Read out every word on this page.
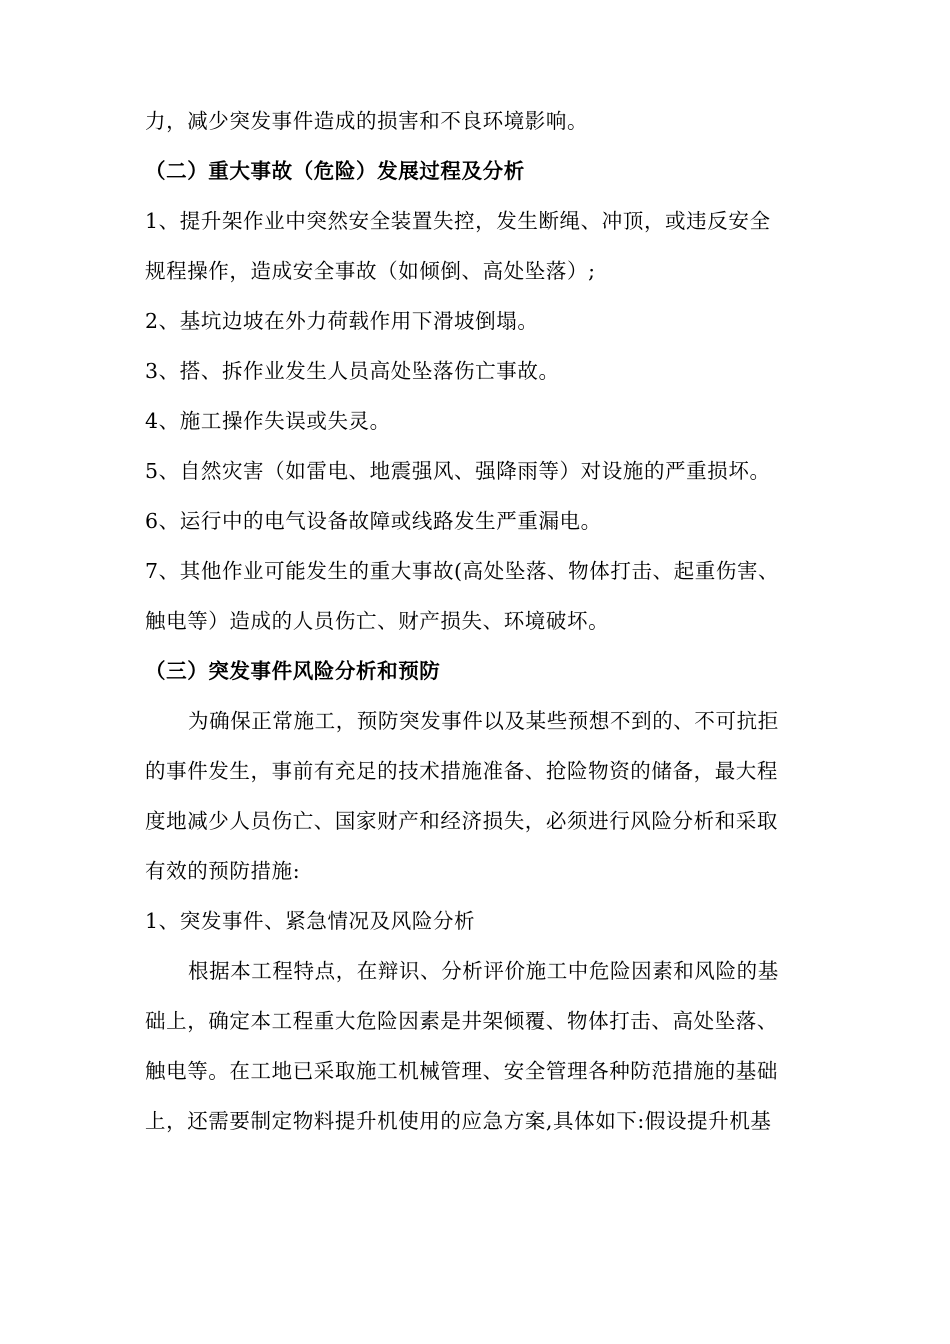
力，减少突发事件造成的损害和不良环境影响。
（二）重大事故（危险）发展过程及分析
1、提升架作业中突然安全装置失控，发生断绳、冲顶，或违反安全
规程操作，造成安全事故（如倾倒、高处坠落）;
2、基坑边坡在外力荷载作用下滑坡倒塌。
3、搭、拆作业发生人员高处坠落伤亡事故。
4、施工操作失误或失灵。
5、自然灾害（如雷电、地震强风、强降雨等）对设施的严重损坏。
6、运行中的电气设备故障或线路发生严重漏电。
7、其他作业可能发生的重大事故(高处坠落、物体打击、起重伤害、
触电等）造成的人员伤亡、财产损失、环境破坏。
（三）突发事件风险分析和预防
为确保正常施工，预防突发事件以及某些预想不到的、不可抗拒
的事件发生，事前有充足的技术措施准备、抢险物资的储备，最大程
度地减少人员伤亡、国家财产和经济损失，必须进行风险分析和采取
有效的预防措施:
1、突发事件、紧急情况及风险分析
根据本工程特点，在辩识、分析评价施工中危险因素和风险的基
础上，确定本工程重大危险因素是井架倾覆、物体打击、高处坠落、
触电等。在工地已采取施工机械管理、安全管理各种防范措施的基础
上，还需要制定物料提升机使用的应急方案,具体如下:假设提升机基
